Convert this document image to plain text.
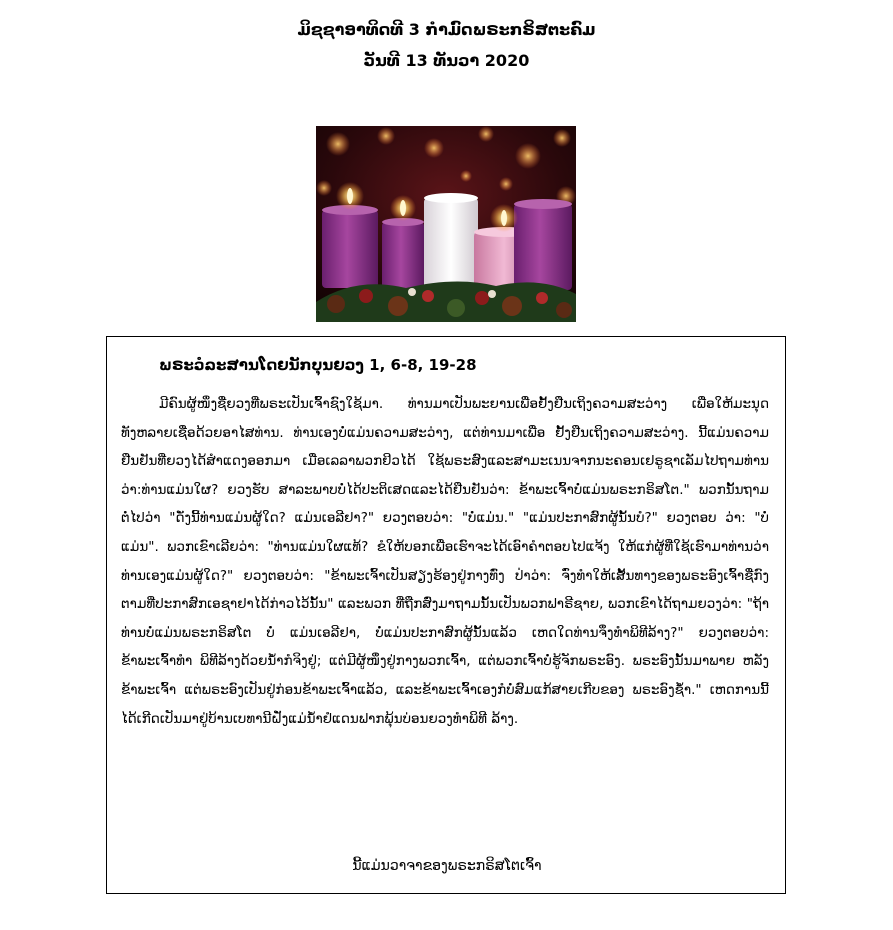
ມິຊຊາອາທິດທີ 3 ກຳມົດພຣະກຣິສຕະຄົມ
ວັນທີ 13 ທັນວາ 2020
ພຣະວໍລະສານໂດຍນັກບຸນຍວງ 1, 6-8, 19-28

ມີຄົນຜູ້ໜຶ່ງຊື່ຍວງທີ່ພຣະເປັນເຈົ້າຊົງໃຊ້ມາ. ທ່ານມາເປັນພະຍານເພື່ອຢັ້ງຢືນເຖິງຄວາມສະວ່າງ ເພື່ອໃຫ້ມະນຸດທັງຫລາຍເຊື່ອດ້ວຍອາໄສທ່ານ. ທ່ານເອງບໍ່ແມ່ນຄວາມສະວ່າງ, ແຕ່ທ່ານມາເພື່ອ ຢັ້ງຢືນເຖິງຄວາມສະວ່າງ. ນີ້ແມ່ນຄວາມຢືນຢັນທີ່ຍວງໄດ້ສຳແດງອອກມາ ເມື່ອເລລາພວກຢິວໄດ້ ໃຊ້ພຣະສົງແລະສາມະເນນຈາກນະຄອນເຢຣູຊາເລັມໄປຖາມທ່ານວ່າ:ທ່ານແມ່ນໃຜ? ຍວງຮັບ ສາລະພາບບໍ່ໄດ້ປະຕິເສດແລະໄດ້ຢືນຢັນວ່າ: ຂ້າພະເຈົ້າບໍ່ແມ່ນພຣະກຣິສໂຕ." ພວກນັ້ນຖາມຕໍ່ໄປວ່າ "ດັ່ງນີ້ທ່ານແມ່ນຜູ້ໃດ? ແມ່ນເອລີຢາ?" ຍວງຕອບວ່າ: "ບໍ່ແມ່ນ." "ແມ່ນປະກາສົກຜູ້ນັ້ນບໍ?" ຍວງຕອບ ວ່າ: "ບໍ່ແມ່ນ". ພວກເຂົາເລີຍວ່າ: "ທ່ານແມ່ນໃຜແທ້? ຂໍໃຫ້ບອກເພື່ອເຮົາຈະໄດ້ເອົາຄຳຕອບໄປແຈ້ງ ໃຫ້ແກ່ຜູ້ທີ່ໃຊ້ເຮົາມາທ່ານວ່າທ່ານເອງແມ່ນຜູ້ໃດ?" ຍວງຕອບວ່າ: "ຂ້າພະເຈົ້າເປັນສຽງຮ້ອງຢູ່ກາງທົ່ງ ປ່າວ່າ: ຈົ່ງທຳໃຫ້ເສັ້ນທາງຂອງພຣະອົງເຈົ້າຊື່ກົງຕາມທີ່ປະກາສົກເອຊາຢາໄດ້ກ່າວໄວ້ນັ້ນ" ແລະພວກ ທີ່ຖືກສົ່ງມາຖາມນັ້ນເປັນພວກຟາຣີຊາຍ, ພວກເຂົາໄດ້ຖາມຍວງວ່າ: "ຖ້າທ່ານບໍ່ແມ່ນພຣະກຣິສໂຕ ບໍ່ ແມ່ນເອລີຢາ, ບໍ່ແມ່ນປະກາສົກຜູ້ນັ້ນແລ້ວ ເຫດໃດທ່ານຈຶ່ງທຳພິທີລ້າງ?" ຍວງຕອບວ່າ: ຂ້າພະເຈົ້າທຳ ພິທີລ້າງດ້ວຍນ້ຳກໍຈິງຢູ່; ແຕ່ມີຜູ້ໜຶ່ງຢູ່ກາງພວກເຈົ້າ, ແຕ່ພວກເຈົ້າບໍ່ຮູ້ຈັກພຣະອົງ. ພຣະອົງນັ້ນມາພາຍ ຫລັງຂ້າພະເຈົ້າ ແຕ່ພຣະອົງເປັນຢູ່ກ່ອນຂ້າພະເຈົ້າແລ້ວ, ແລະຂ້າພະເຈົ້າເອງກໍບໍ່ສົມແກ້ສາຍເກີບຂອງ ພຣະອົງຊ້ຳ." ເຫດການນີ້ໄດ້ເກີດເປັນມາຢູ່ບ້ານເບທານີຝັ່ງແມ່ນ້ຳຢໍແດນຟາກພຸ້ນບ່ອນຍວງທຳພິທີ ລ້າງ.

ນີ້ແມ່ນວາຈາຂອງພຣະກຣິສໂຕເຈົ້າ
